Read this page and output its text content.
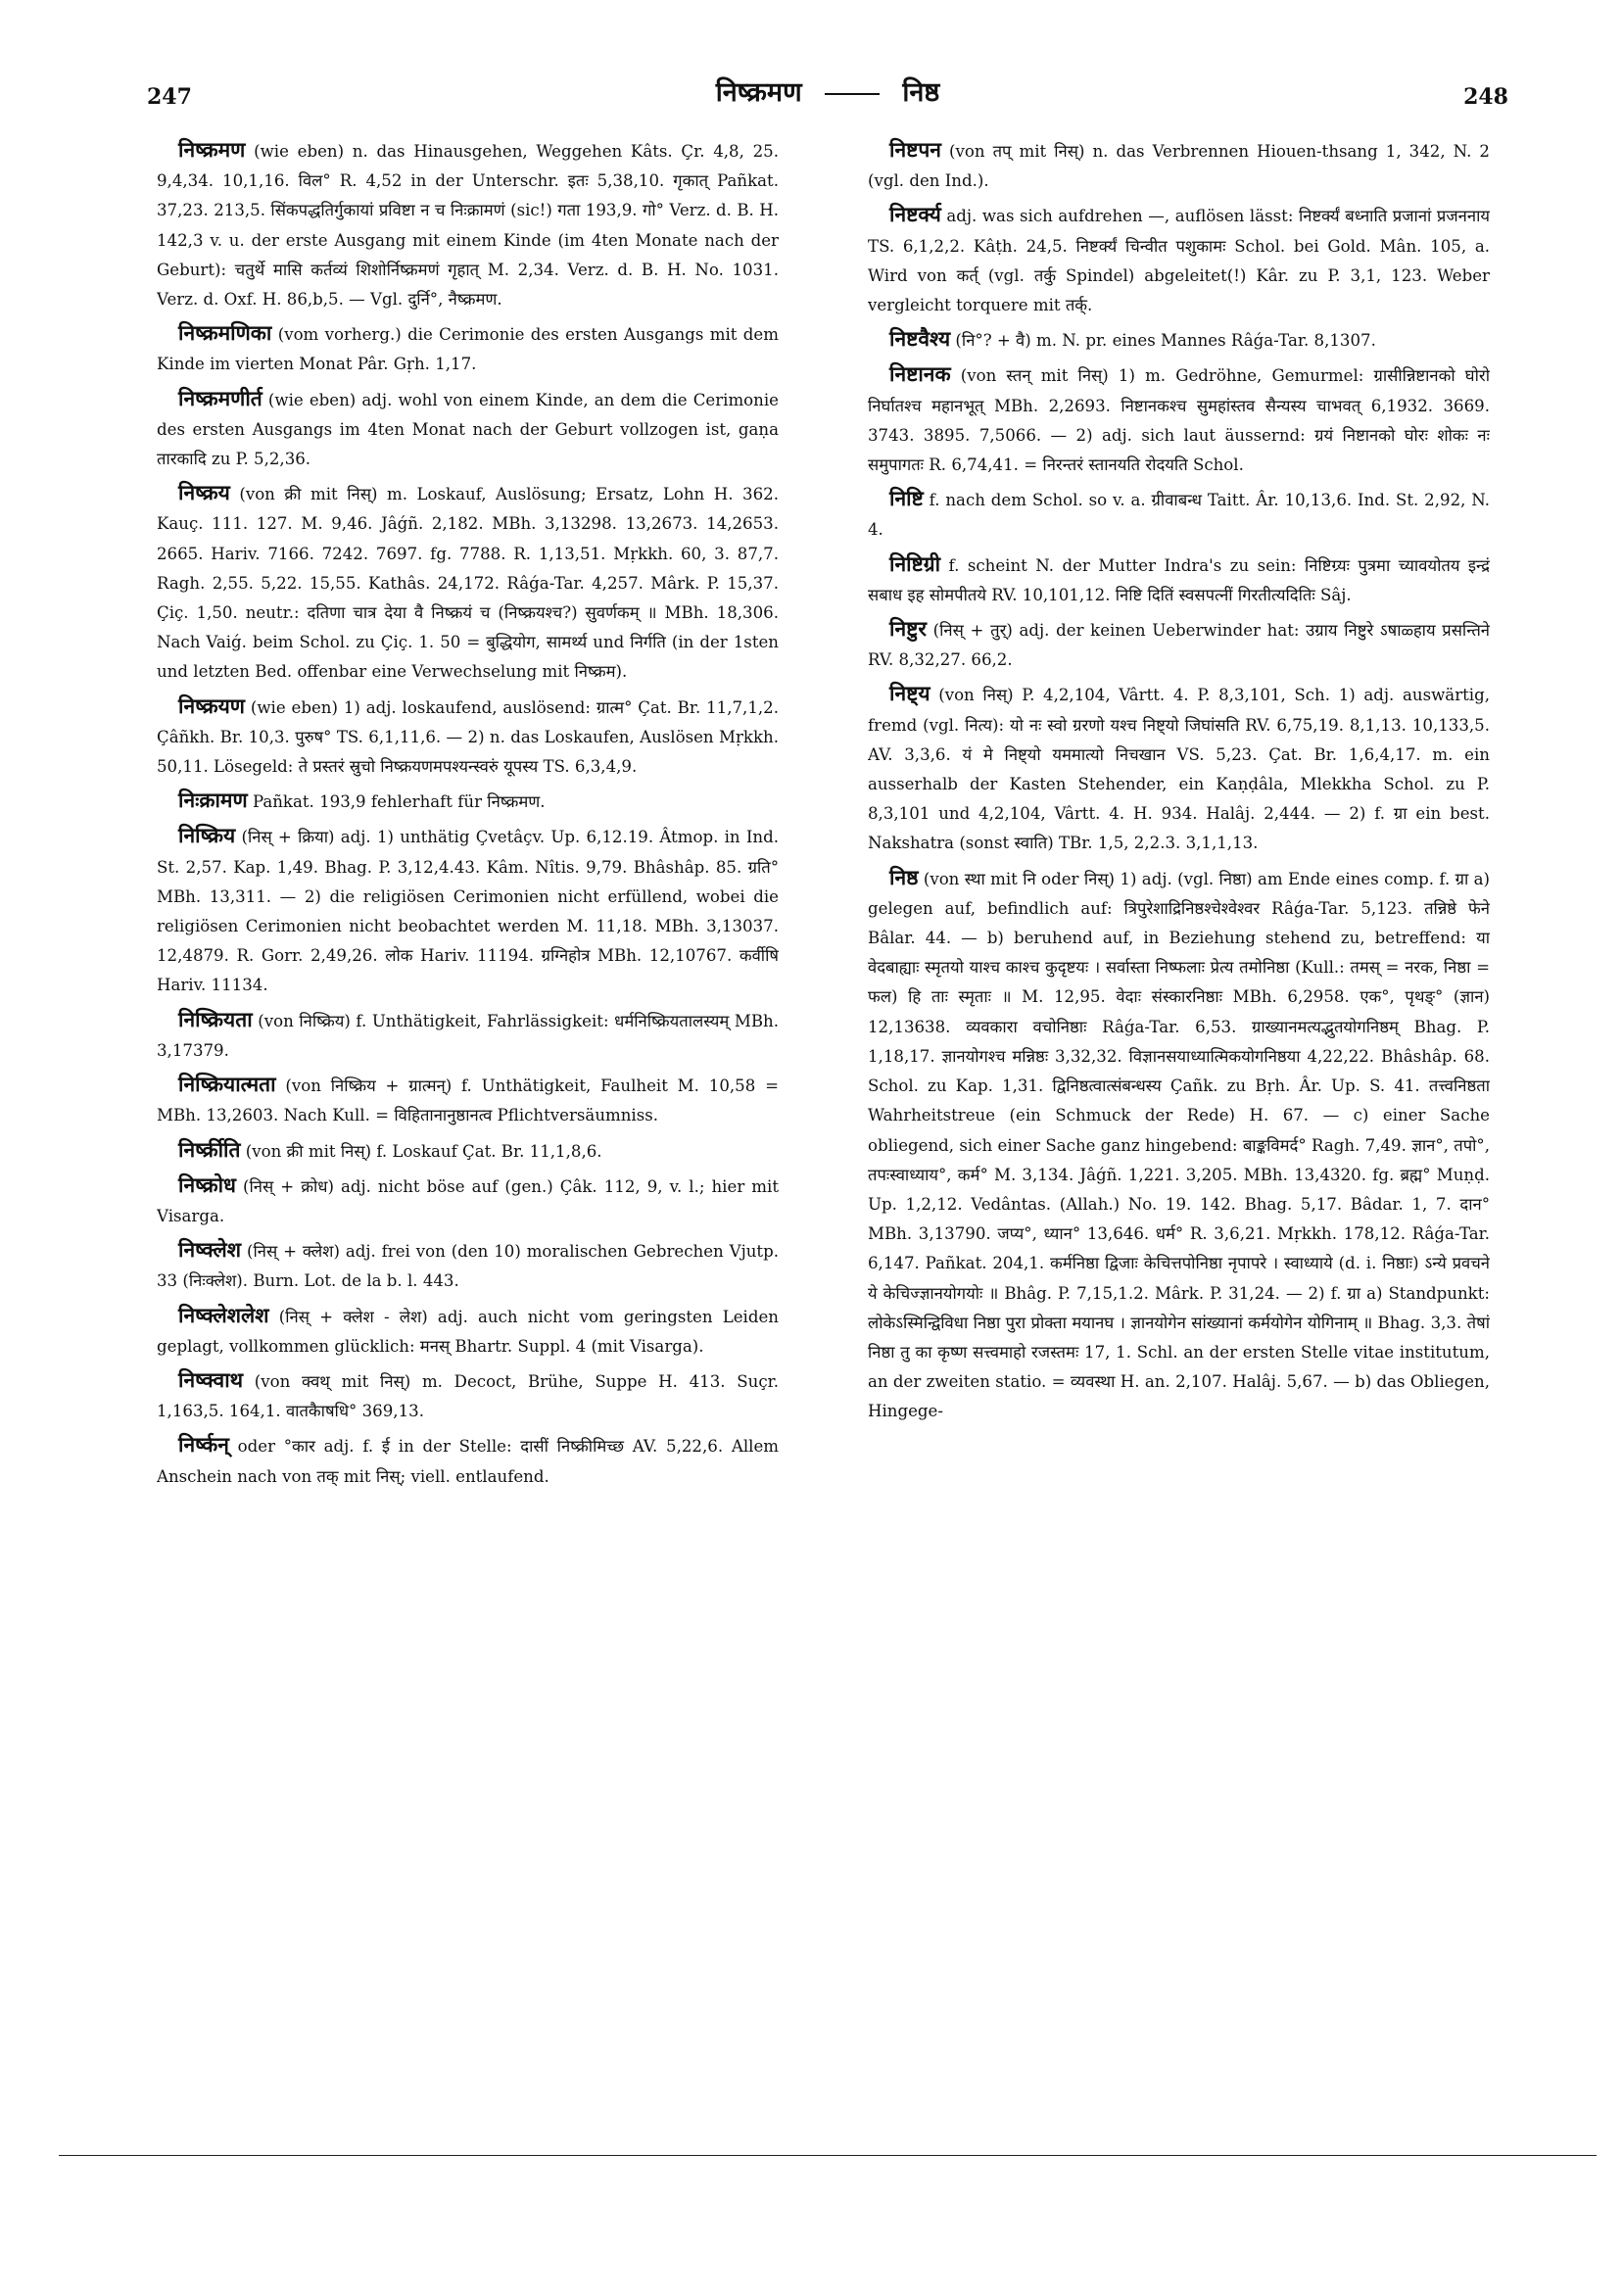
247	निष्क्रमण	निष्ठ	248

निष्क्रमण (wie eben) n. das Hinausgehen, Weggehen Kâts. Çr. 4,8, 25. 9,4,34. 10,1,16. विल° R. 4,52 in der Unterschr. इतः 5,38,10. गृकात् Pañkat. 37,23. 213,5. सिंकपद्धतिर्गुकायां प्रविष्टा न च निःक्रामणं (sic!) गता 193,9. गो° Verz. d. B. H. 142,3 v. u. der erste Ausgang mit einem Kinde (im 4ten Monate nach der Geburt): चतुर्थे मासि कर्तव्यं शिशोर्निष्क्रमणं गृहात् M. 2,34. Verz. d. B. H. No. 1031. Verz. d. Oxf. H. 86,b,5. — Vgl. दुर्नि°, नैष्क्रमण.

निष्क्रमणिका (vom vorherg.) die Cerimonie des ersten Ausgangs mit dem Kinde im vierten Monat Pâr. Gṛh. 1,17.

निष्क्रमणीर्त (wie eben) adj. wohl von einem Kinde, an dem die Cerimonie des ersten Ausgangs im 4ten Monat nach der Geburt vollzogen ist, gaṇa तारकादि zu P. 5,2,36.

निष्क्रय (von क्री mit निस्) m. Loskauf, Auslösung; Ersatz, Lohn H. 362. Kauç. 111. 127. M. 9,46. Jâǵñ. 2,182. MBh. 3,13298. 13,2673. 14,2653. 2665. Hariv. 7166. 7242. 7697. fg. 7788. R. 1,13,51. Mṛkkh. 60, 3. 87,7. Ragh. 2,55. 5,22. 15,55. Kathâs. 24,172. Râǵa-Tar. 4,257. Mârk. P. 15,37. Çiç. 1,50. neutr.: दतिणा चात्र देया वै निष्क्रयं च (निष्क्रयश्च?) सुवर्णकम् ॥ MBh. 18,306. Nach Vaiǵ. beim Schol. zu Çiç. 1. 50 = बुद्धियोग, सामर्थ्य und निर्गति (in der 1sten und letzten Bed. offenbar eine Verwechselung mit निष्क्रम).

निष्क्रयण (wie eben) 1) adj. loskaufend, auslösend: ग्रात्म° Çat. Br. 11,7,1,2. Çâñkh. Br. 10,3. पुरुष° TS. 6,1,11,6. — 2) n. das Loskaufen, Auslösen Mṛkkh. 50,11. Lösegeld: ते प्रस्तरं स्रुचो निष्क्रयणमपश्यन्स्वरुं यूपस्य TS. 6,3,4,9.

निःक्रामण Pañkat. 193,9 fehlerhaft für निष्क्रमण.

निष्क्रिय (निस् + क्रिया) adj. 1) unthätig Çvetâçv. Up. 6,12.19. Âtmop. in Ind. St. 2,57. Kap. 1,49. Bhag. P. 3,12,4.43. Kâm. Nîtis. 9,79. Bhâshâp. 85. ग्रति° MBh. 13,311. — 2) die religiösen Cerimonien nicht erfüllend, wobei die religiösen Cerimonien nicht beobachtet werden M. 11,18. MBh. 3,13037. 12,4879. R. Gorr. 2,49,26. लोक Hariv. 11194. ग्रग्निहोत्र MBh. 12,10767. कर्वीषि Hariv. 11134.

निष्क्रियता (von निष्क्रिय) f. Unthätigkeit, Fahrlässigkeit: धर्मनिष्क्रियतालस्यम् MBh. 3,17379.

निष्क्रियात्मता (von निष्क्रिय + ग्रात्मन्) f. Unthätigkeit, Faulheit M. 10,58 = MBh. 13,2603. Nach Kull. = विहितानानुष्ठानत्व Pflichtversäumniss.

निर्ष्क्रीति (von क्री mit निस्) f. Loskauf Çat. Br. 11,1,8,6.

निष्क्रोध (निस् + क्रोध) adj. nicht böse auf (gen.) Çâk. 112, 9, v. l.; hier mit Visarga.

निष्क्लेश (निस् + क्लेश) adj. frei von (den 10) moralischen Gebrechen Vjutp. 33 (निःक्लेश). Burn. Lot. de la b. l. 443.

निष्क्लेशलेश (निस् + क्लेश - लेश) adj. auch nicht vom geringsten Leiden geplagt, vollkommen glücklich: मनस् Bhartr. Suppl. 4 (mit Visarga).

निष्क्वाथ (von क्वथ् mit निस्) m. Decoct, Brühe, Suppe H. 413. Suçr. 1,163,5. 164,1. वातकैाषधि° 369,13.

निर्ष्कन् oder °कार adj. f. ई in der Stelle: दासीं निष्क्रीमिच्छ AV. 5,22,6. Allem Anschein nach von तक् mit निस्; viell. entlaufend.

निष्टपन (von तप् mit निस्) n. das Verbrennen Hiouen-thsang 1, 342, N. 2 (vgl. den Ind.).

निष्टर्क्य adj. was sich aufdrehen —, auflösen lässt: निष्टर्क्यं बध्नाति प्रजानां प्रजननाय TS. 6,1,2,2. Kâṭh. 24,5. निष्टर्क्यं चिन्वीत पशुकामः Schol. bei Gold. Mân. 105, a. Wird von कर्त् (vgl. तर्कु Spindel) abgeleitet(!) Kâr. zu P. 3,1, 123. Weber vergleicht torquere mit तर्क्.

निष्टवैश्य (नि°? + वै) m. N. pr. eines Mannes Râǵa-Tar. 8,1307.

निष्टानक (von स्तन् mit निस्) 1) m. Gedröhne, Gemurmel: ग्रासीन्निष्टानको घोरो निर्घातश्च महानभूत् MBh. 2,2693. निष्टानकश्च सुमहांस्तव सैन्यस्य चाभवत् 6,1932. 3669. 3743. 3895. 7,5066. — 2) adj. sich laut äussernd: ग्रयं निष्टानको घोरः शोकः नः समुपागतः R. 6,74,41. = निरन्तरं स्तानयति रोदयति Schol.

निष्टि f. nach dem Schol. so v. a. ग्रीवाबन्ध Taitt. Âr. 10,13,6. Ind. St. 2,92, N. 4.

निष्टिग्री f. scheint N. der Mutter Indra's zu sein: निष्टिग्र्यः पुत्रमा च्यावयोतय इन्द्रं सबाध इह सोमपीतये RV. 10,101,12. निष्टि दितिं स्वसपत्नीं गिरतीत्यदितिः Sâj.

निष्टुर (निस् + तुर्) adj. der keinen Ueberwinder hat: उग्राय निष्टुरे ऽषाळ्हाय प्रसन्तिने RV. 8,32,27. 66,2.

निष्ट्य (von निस्) P. 4,2,104, Vârtt. 4. P. 8,3,101, Sch. 1) adj. auswärtig, fremd (vgl. नित्य): यो नः स्वो ग्ररणो यश्च निष्ट्यो जिघांसति RV. 6,75,19. 8,1,13. 10,133,5. AV. 3,3,6. यं मे निष्ट्यो यममात्यो निचखान VS. 5,23. Çat. Br. 1,6,4,17. m. ein ausserhalb der Kasten Stehender, ein Kaṇḍâla, Mlekkha Schol. zu P. 8,3,101 und 4,2,104, Vârtt. 4. H. 934. Halâj. 2,444. — 2) f. ग्रा ein best. Nakshatra (sonst स्वाति) TBr. 1,5, 2,2.3. 3,1,1,13.

निष्ठ (von स्था mit नि oder निस्) 1) adj. (vgl. निष्ठा) am Ende eines comp. f. ग्रा a) gelegen auf, befindlich auf: त्रिपुरेशाद्रिनिष्ठश्चेश्वेश्वर Râǵa-Tar. 5,123. तन्निष्ठे फेने Bâlar. 44. — b) beruhend auf, in Beziehung stehend zu, betreffend: या वेदबाह्याः स्मृतयो याश्च काश्च कुदृष्टयः । सर्वास्ता निष्फलाः प्रेत्य तमोनिष्ठा (Kull.: तमस् = नरक, निष्ठा = फल) हि ताः स्मृताः ॥ M. 12,95. वेदाः संस्कारनिष्ठाः MBh. 6,2958. एक°, पृथङ्° (ज्ञान) 12,13638. व्यवकारा वचोनिष्ठाः Râǵa-Tar. 6,53. ग्राख्यानमत्यद्भुतयोगनिष्ठम् Bhag. P. 1,18,17. ज्ञानयोगश्च मन्निष्ठः 3,32,32. विज्ञानसयाध्यात्मिकयोगनिष्ठया 4,22,22. Bhâshâp. 68. Schol. zu Kap. 1,31. द्विनिष्ठत्वात्संबन्धस्य Çañk. zu Bṛh. Âr. Up. S. 41. तत्त्वनिष्ठता Wahrheitstreue (ein Schmuck der Rede) H. 67. — c) einer Sache obliegend, sich einer Sache ganz hingebend: बाङ्कविमर्द° Ragh. 7,49. ज्ञान°, तपो°, तपःस्वाध्याय°, कर्म° M. 3,134. Jâǵñ. 1,221. 3,205. MBh. 13,4320. fg. ब्रह्म° Muṇḍ. Up. 1,2,12. Vedântas. (Allah.) No. 19. 142. Bhag. 5,17. Bâdar. 1, 7. दान° MBh. 3,13790. जप्य°, ध्यान° 13,646. धर्म° R. 3,6,21. Mṛkkh. 178,12. Râǵa-Tar. 6,147. Pañkat. 204,1. कर्मनिष्ठा द्विजाः केचित्तपोनिष्ठा नृपापरे । स्वाध्याये (d. i. निष्ठाः) ऽन्ये प्रवचने ये केचिज्ज्ञानयोगयोः ॥ Bhâg. P. 7,15,1.2. Mârk. P. 31,24. — 2) f. ग्रा a) Standpunkt: लोकेऽस्मिन्द्विविधा निष्ठा पुरा प्रोक्ता मयानघ । ज्ञानयोगेन सांख्यानां कर्मयोगेन योगिनाम् ॥ Bhag. 3,3. तेषां निष्ठा तु का कृष्ण सत्त्वमाहो रजस्तमः 17, 1. Schl. an der ersten Stelle vitae institutum, an der zweiten statio. = व्यवस्था H. an. 2,107. Halâj. 5,67. — b) das Obliegen, Hingege-
